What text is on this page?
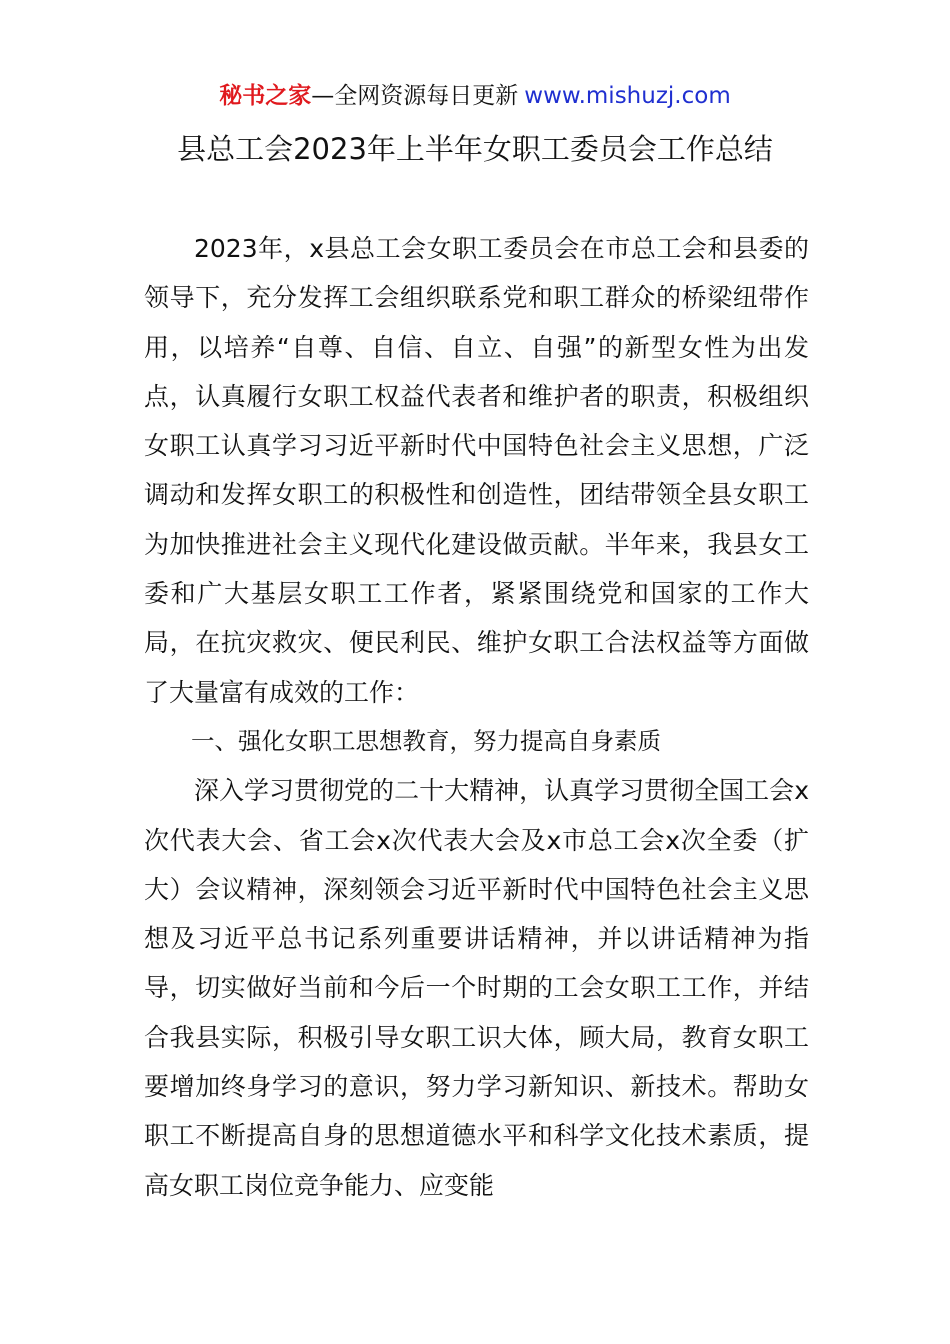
秘书之家—全网资源每日更新 www.mishuzj.com
县总工会2023年上半年女职工委员会工作总结

2023年，x县总工会女职工委员会在市总工会和县委的领导下，充分发挥工会组织联系党和职工群众的桥梁纽带作用，以培养“自尊、自信、自立、自强”的新型女性为出发点，认真履行女职工权益代表者和维护者的职责，积极组织女职工认真学习习近平新时代中国特色社会主义思想，广泛调动和发挥女职工的积极性和创造性，团结带领全县女职工为加快推进社会主义现代化建设做贡献。半年来，我县女工委和广大基层女职工工作者，紧紧围绕党和国家的工作大局，在抗灾救灾、便民利民、维护女职工合法权益等方面做了大量富有成效的工作：

一、强化女职工思想教育，努力提高自身素质

深入学习贯彻党的二十大精神，认真学习贯彻全国工会x次代表大会、省工会x次代表大会及x市总工会x次全委（扩大）会议精神，深刻领会习近平新时代中国特色社会主义思想及习近平总书记系列重要讲话精神，并以讲话精神为指导，切实做好当前和今后一个时期的工会女职工工作，并结合我县实际，积极引导女职工识大体，顾大局，教育女职工要增加终身学习的意识，努力学习新知识、新技术。帮助女职工不断提高自身的思想道德水平和科学文化技术素质，提高女职工岗位竞争能力、应变能
